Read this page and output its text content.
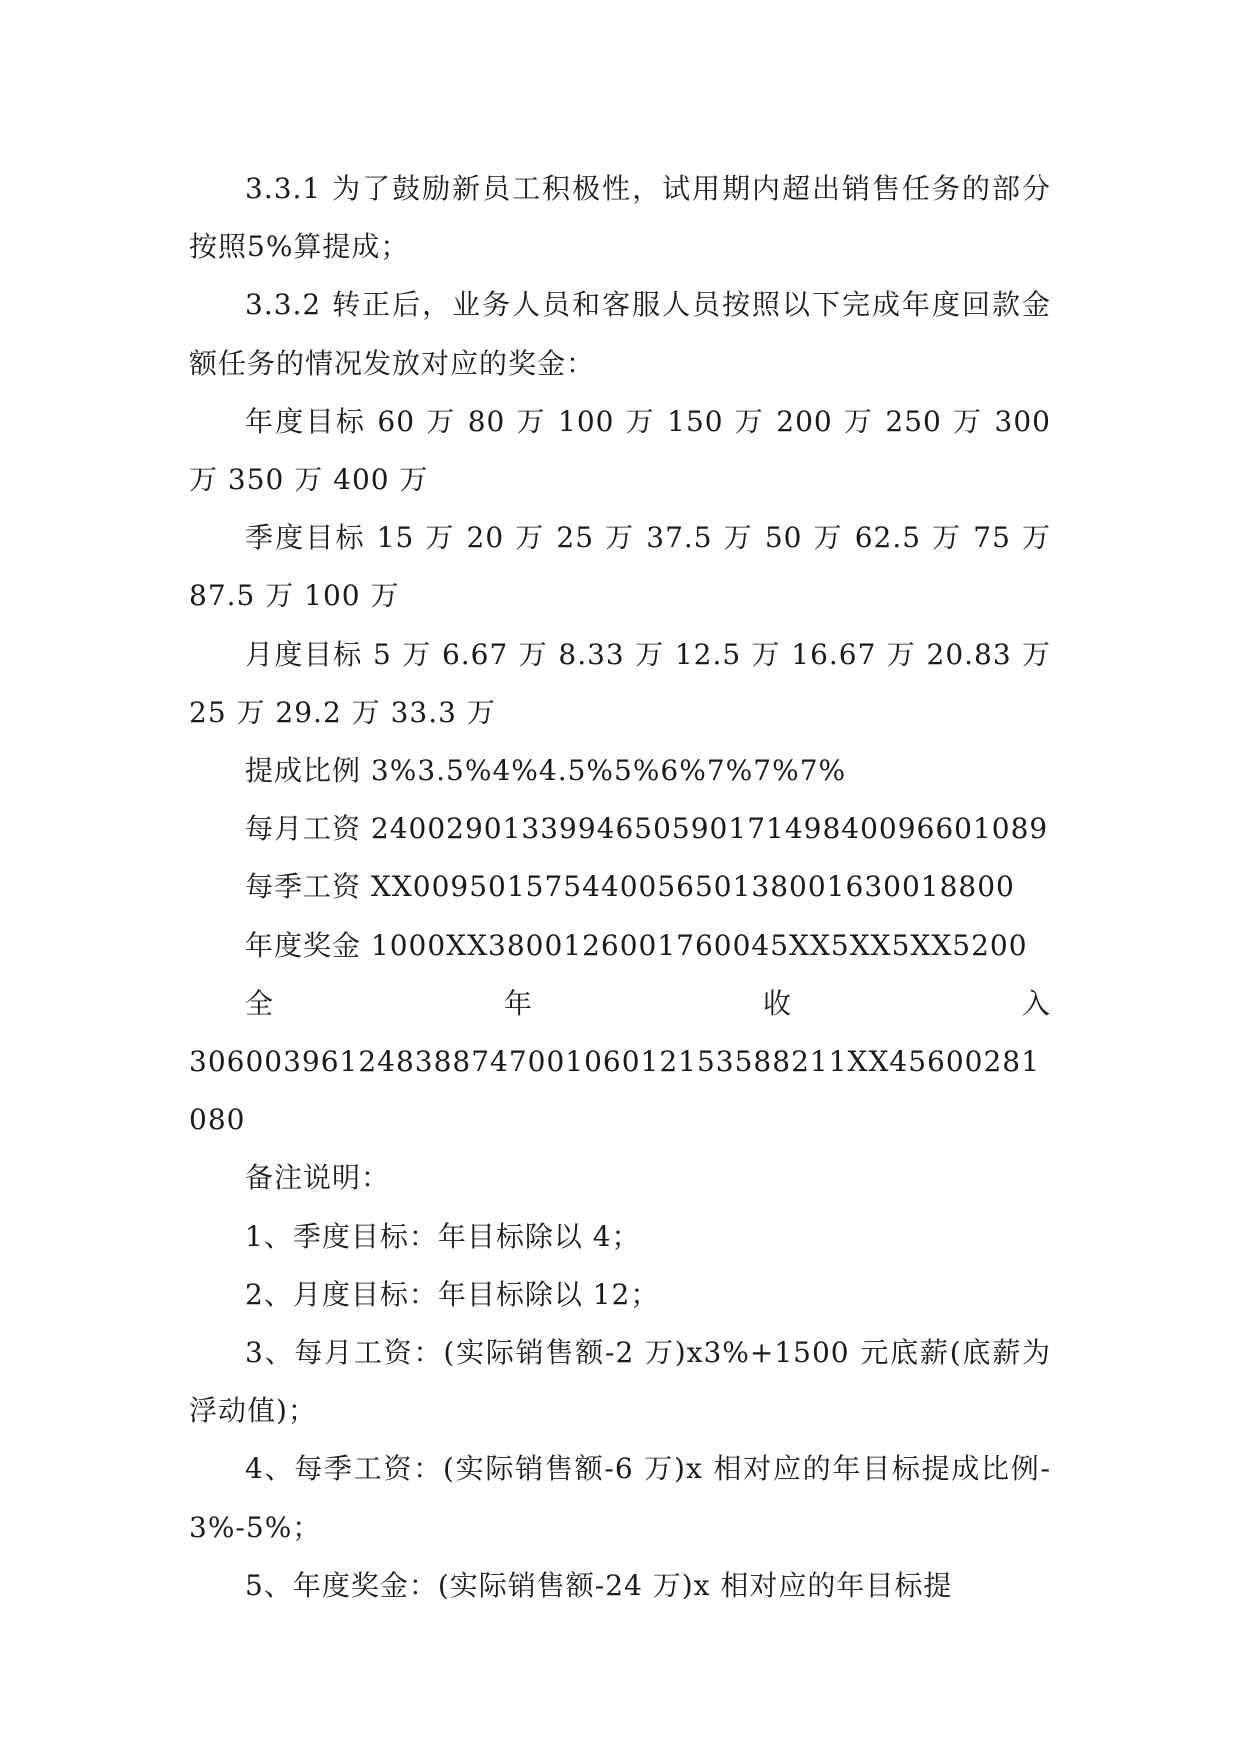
3.3.1 为了鼓励新员工积极性，试用期内超出销售任务的部分按照5%算提成；

3.3.2 转正后，业务人员和客服人员按照以下完成年度回款金额任务的情况发放对应的奖金：

年度目标 60 万 80 万 100 万 150 万 200 万 250 万 300 万 350 万 400 万

季度目标 15 万 20 万 25 万 37.5 万 50 万 62.5 万 75 万 87.5 万 100 万

月度目标 5 万 6.67 万 8.33 万 12.5 万 16.67 万 20.83 万 25 万 29.2 万 33.3 万

提成比例 3%3.5%4%4.5%5%6%7%7%7%

每月工资 240029013399465059017149840096601089

每季工资 XX00950157544005650138001630018800

年度奖金 1000XX3800126001760045XX5XX5XX5200

全年收入

30600396124838874700106012153588211XX45600281080

备注说明：

1、季度目标：年目标除以 4；

2、月度目标：年目标除以 12；

3、每月工资：(实际销售额-2 万)x3%+1500 元底薪(底薪为浮动值)；

4、每季工资：(实际销售额-6 万)x 相对应的年目标提成比例-3%-5%；

5、年度奖金：(实际销售额-24 万)x 相对应的年目标提
